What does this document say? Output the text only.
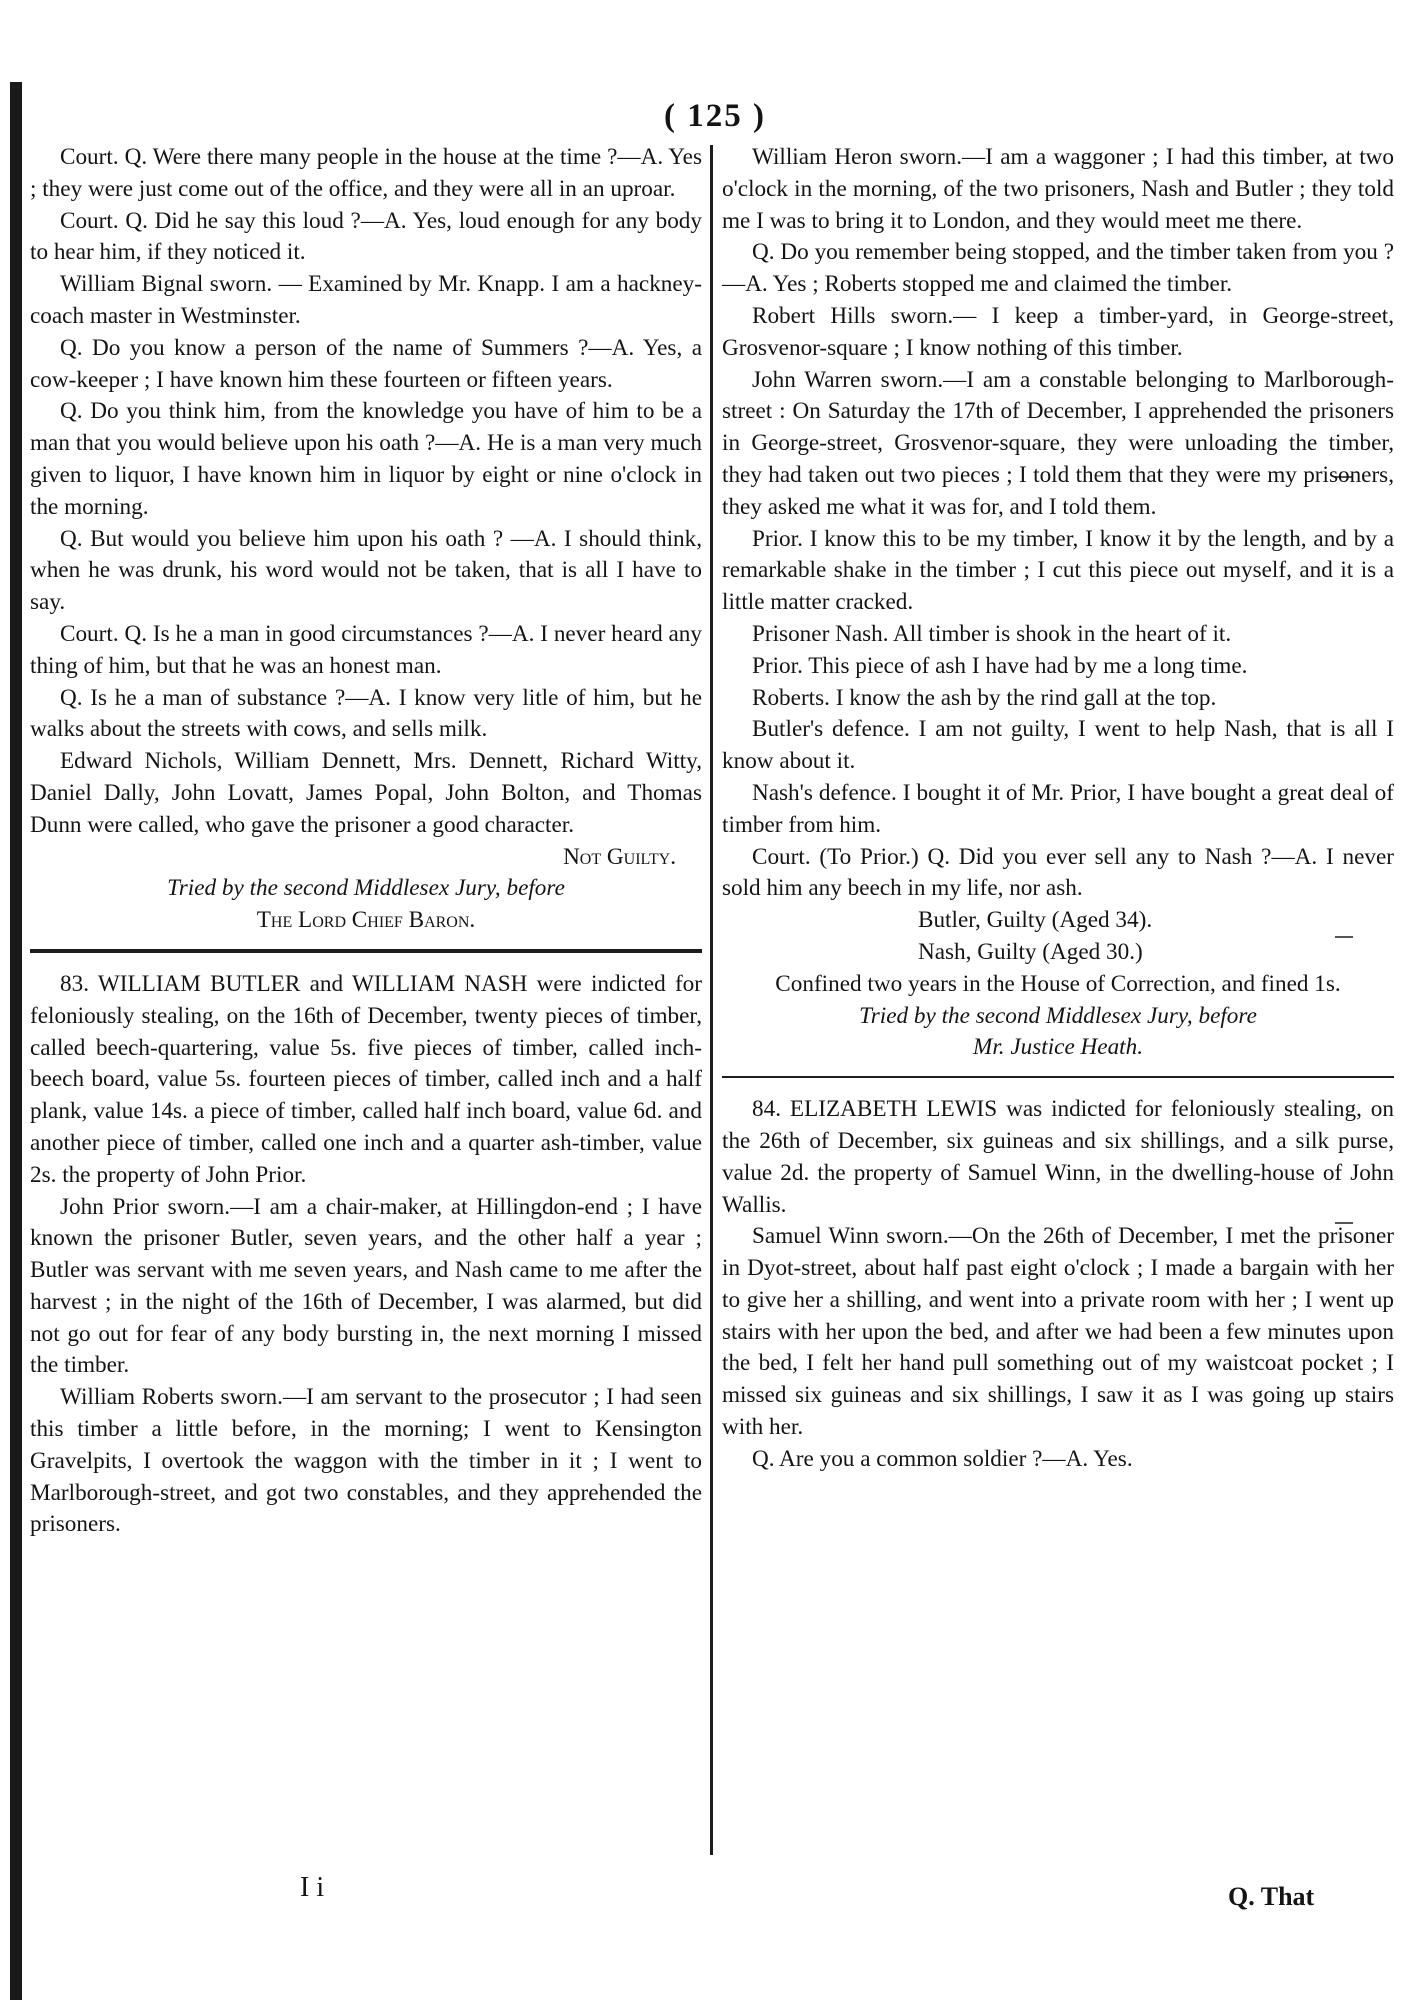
( 125 )

Court. Q. Were there many people in the house at the time ?—A. Yes ; they were just come out of the office, and they were all in an uproar.

Court. Q. Did he say this loud ?—A. Yes, loud enough for any body to hear him, if they noticed it.

William Bignal sworn. — Examined by Mr. Knapp. I am a hackney-coach master in Westminster.

Q. Do you know a person of the name of Summers ?—A. Yes, a cow-keeper ; I have known him these fourteen or fifteen years.

Q. Do you think him, from the knowledge you have of him to be a man that you would believe upon his oath ?—A. He is a man very much given to liquor, I have known him in liquor by eight or nine o'clock in the morning.

Q. But would you believe him upon his oath ? —A. I should think, when he was drunk, his word would not be taken, that is all I have to say.

Court. Q. Is he a man in good circumstances ?—A. I never heard any thing of him, but that he was an honest man.

Q. Is he a man of substance ?—A. I know very litle of him, but he walks about the streets with cows, and sells milk.

Edward Nichols, William Dennett, Mrs. Dennett, Richard Witty, Daniel Dally, John Lovatt, James Popal, John Bolton, and Thomas Dunn were called, who gave the prisoner a good character.

Not Guilty.

Tried by the second Middlesex Jury, before

The Lord Chief Baron.

83. WILLIAM BUTLER and WILLIAM NASH were indicted for feloniously stealing, on the 16th of December, twenty pieces of timber, called beech-quartering, value 5s. five pieces of timber, called inch-beech board, value 5s. fourteen pieces of timber, called inch and a half plank, value 14s. a piece of timber, called half inch board, value 6d. and another piece of timber, called one inch and a quarter ash-timber, value 2s. the property of John Prior.

John Prior sworn.—I am a chair-maker, at Hillingdon-end ; I have known the prisoner Butler, seven years, and the other half a year ; Butler was servant with me seven years, and Nash came to me after the harvest ; in the night of the 16th of December, I was alarmed, but did not go out for fear of any body bursting in, the next morning I missed the timber.

William Roberts sworn.—I am servant to the prosecutor ; I had seen this timber a little before, in the morning; I went to Kensington Gravelpits, I overtook the waggon with the timber in it ; I went to Marlborough-street, and got two constables, and they apprehended the prisoners.

William Heron sworn.—I am a waggoner ; I had this timber, at two o'clock in the morning, of the two prisoners, Nash and Butler ; they told me I was to bring it to London, and they would meet me there.

Q. Do you remember being stopped, and the timber taken from you ?—A. Yes ; Roberts stopped me and claimed the timber.

Robert Hills sworn.— I keep a timber-yard, in George-street, Grosvenor-square ; I know nothing of this timber.

John Warren sworn.—I am a constable belonging to Marlborough-street : On Saturday the 17th of December, I apprehended the prisoners in George-street, Grosvenor-square, they were unloading the timber, they had taken out two pieces ; I told them that they were my prisoners, they asked me what it was for, and I told them.

Prior. I know this to be my timber, I know it by the length, and by a remarkable shake in the timber ; I cut this piece out myself, and it is a little matter cracked.

Prisoner Nash. All timber is shook in the heart of it.

Prior. This piece of ash I have had by me a long time.

Roberts. I know the ash by the rind gall at the top.

Butler's defence. I am not guilty, I went to help Nash, that is all I know about it.

Nash's defence. I bought it of Mr. Prior, I have bought a great deal of timber from him.

Court. (To Prior.) Q. Did you ever sell any to Nash ?—A. I never sold him any beech in my life, nor ash.

Butler, Guilty (Aged 34).

Nash, Guilty (Aged 30.)

Confined two years in the House of Correction, and fined 1s.

Tried by the second Middlesex Jury, before

Mr. Justice Heath.

84. ELIZABETH LEWIS was indicted for feloniously stealing, on the 26th of December, six guineas and six shillings, and a silk purse, value 2d. the property of Samuel Winn, in the dwelling-house of John Wallis.

Samuel Winn sworn.—On the 26th of December, I met the prisoner in Dyot-street, about half past eight o'clock ; I made a bargain with her to give her a shilling, and went into a private room with her ; I went up stairs with her upon the bed, and after we had been a few minutes upon the bed, I felt her hand pull something out of my waistcoat pocket ; I missed six guineas and six shillings, I saw it as I was going up stairs with her.

Q. Are you a common soldier ?—A. Yes.

I i	Q. That
